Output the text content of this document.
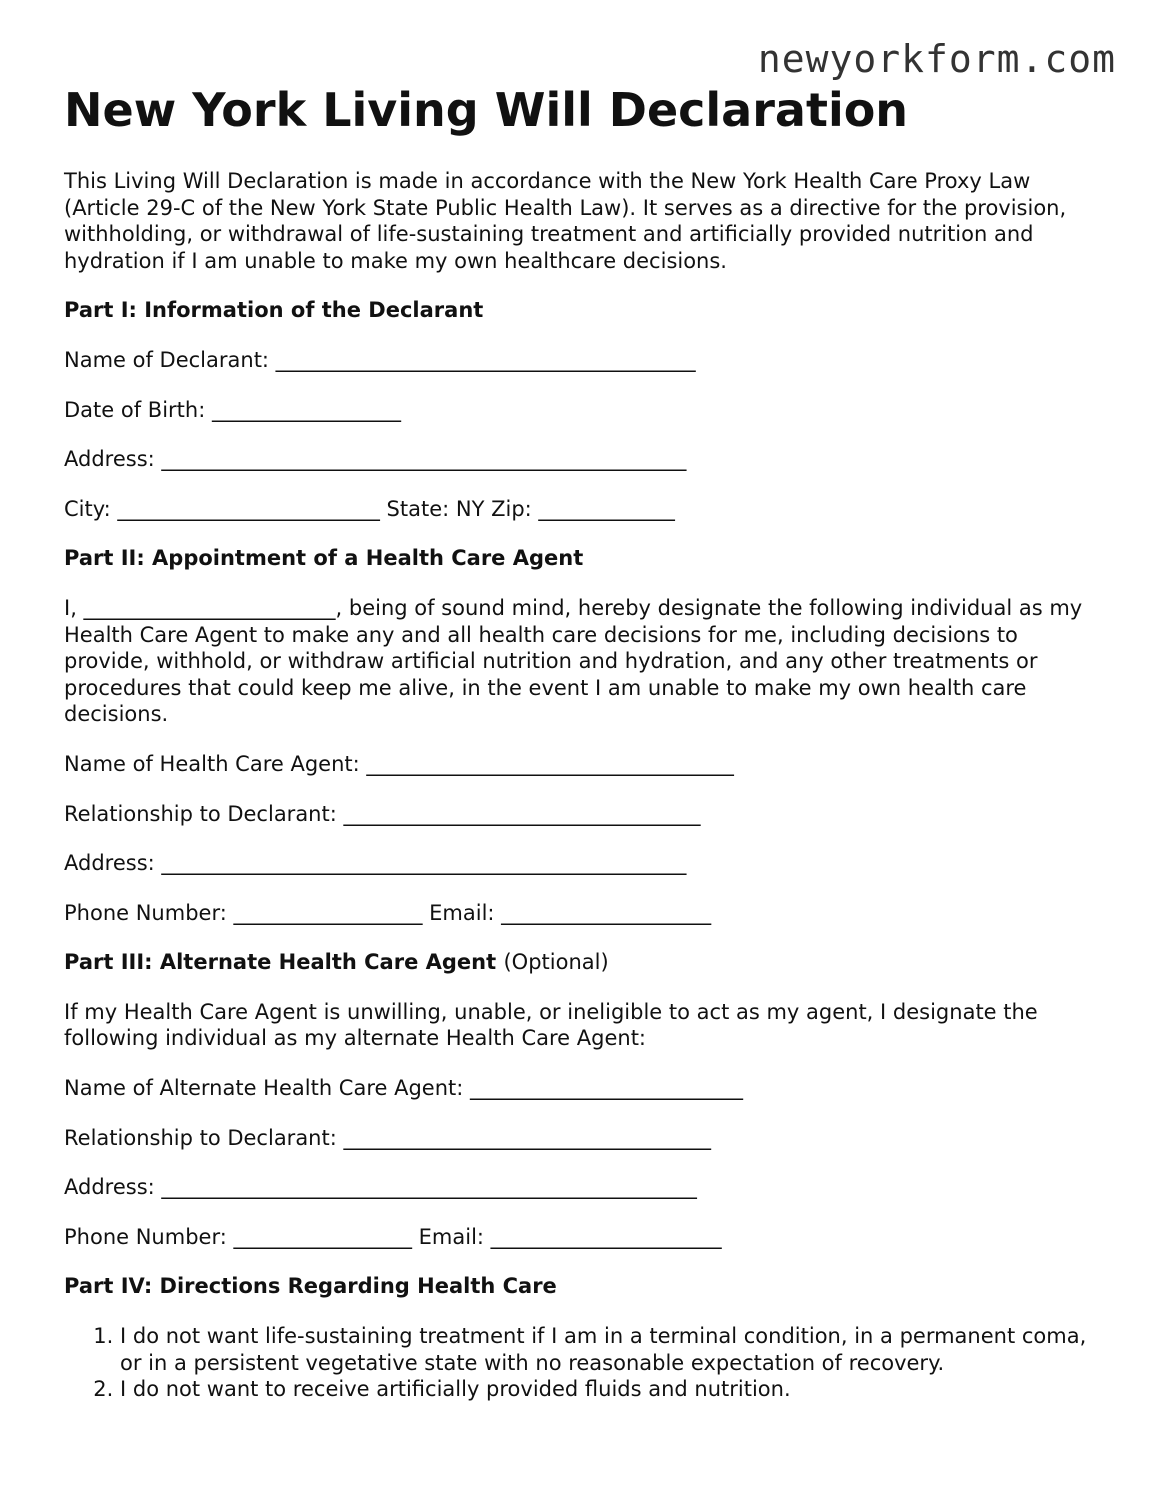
newyorkform.com
New York Living Will Declaration

This Living Will Declaration is made in accordance with the New York Health Care Proxy Law (Article 29-C of the New York State Public Health Law). It serves as a directive for the provision, withholding, or withdrawal of life-sustaining treatment and artificially provided nutrition and hydration if I am unable to make my own healthcare decisions.

Part I: Information of the Declarant
Name of Declarant: ________________________________________
Date of Birth: __________________
Address: __________________________________________________
City: _________________________ State: NY Zip: _____________
Part II: Appointment of a Health Care Agent

I, ________________________, being of sound mind, hereby designate the following individual as my Health Care Agent to make any and all health care decisions for me, including decisions to provide, withhold, or withdraw artificial nutrition and hydration, and any other treatments or procedures that could keep me alive, in the event I am unable to make my own health care decisions.

Name of Health Care Agent: ___________________________________
Relationship to Declarant: __________________________________
Address: __________________________________________________
Phone Number: __________________ Email: ____________________
Part III: Alternate Health Care Agent (Optional)

If my Health Care Agent is unwilling, unable, or ineligible to act as my agent, I designate the following individual as my alternate Health Care Agent:

Name of Alternate Health Care Agent: __________________________
Relationship to Declarant: ___________________________________
Address: ___________________________________________________
Phone Number: _________________ Email: ______________________
Part IV: Directions Regarding Health Care
1. I do not want life-sustaining treatment if I am in a terminal condition, in a permanent coma, or in a persistent vegetative state with no reasonable expectation of recovery.
2. I do not want to receive artificially provided fluids and nutrition.
